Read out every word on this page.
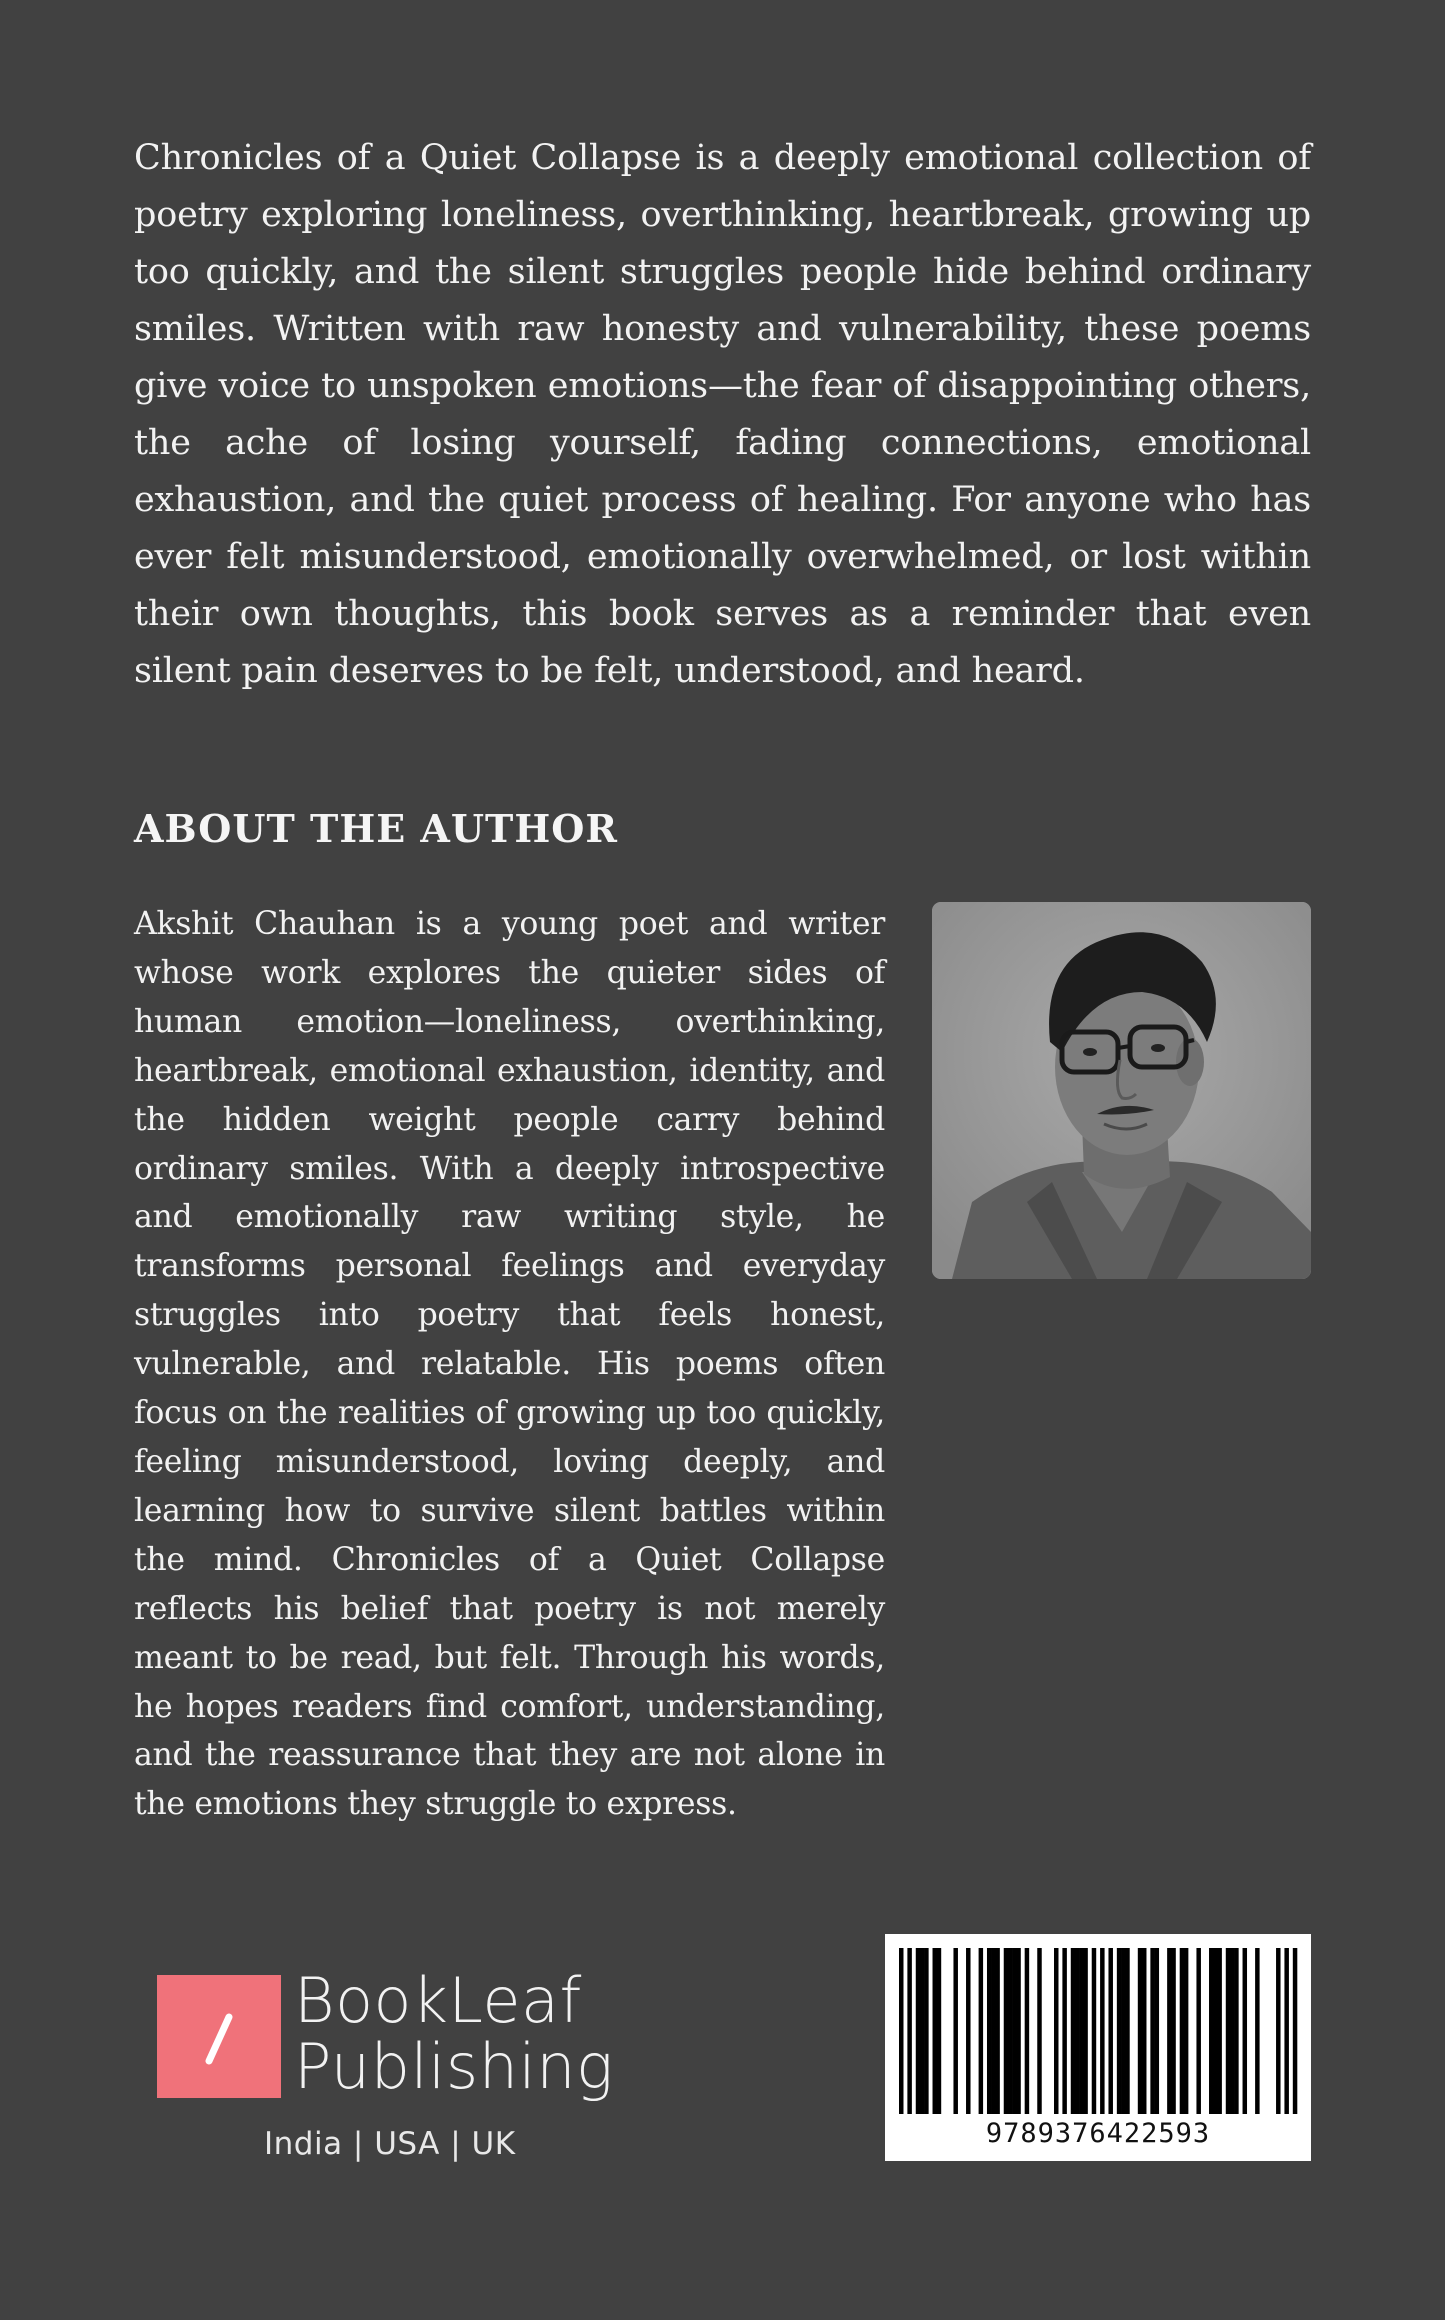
Chronicles of a Quiet Collapse is a deeply emotional collection of poetry exploring loneliness, overthinking, heartbreak, growing up too quickly, and the silent struggles people hide behind ordinary smiles. Written with raw honesty and vulnerability, these poems give voice to unspoken emotions—the fear of disappointing others, the ache of losing yourself, fading connections, emotional exhaustion, and the quiet process of healing. For anyone who has ever felt misunderstood, emotionally overwhelmed, or lost within their own thoughts, this book serves as a reminder that even silent pain deserves to be felt, understood, and heard.

ABOUT THE AUTHOR

Akshit Chauhan is a young poet and writer whose work explores the quieter sides of human emotion—loneliness, overthinking, heartbreak, emotional exhaustion, identity, and the hidden weight people carry behind ordinary smiles. With a deeply introspective and emotionally raw writing style, he transforms personal feelings and everyday struggles into poetry that feels honest, vulnerable, and relatable. His poems often focus on the realities of growing up too quickly, feeling misunderstood, loving deeply, and learning how to survive silent battles within the mind. Chronicles of a Quiet Collapse reflects his belief that poetry is not merely meant to be read, but felt. Through his words, he hopes readers find comfort, understanding, and the reassurance that they are not alone in the emotions they struggle to express.

BookLeaf
Publishing
India | USA | UK	9789376422593
